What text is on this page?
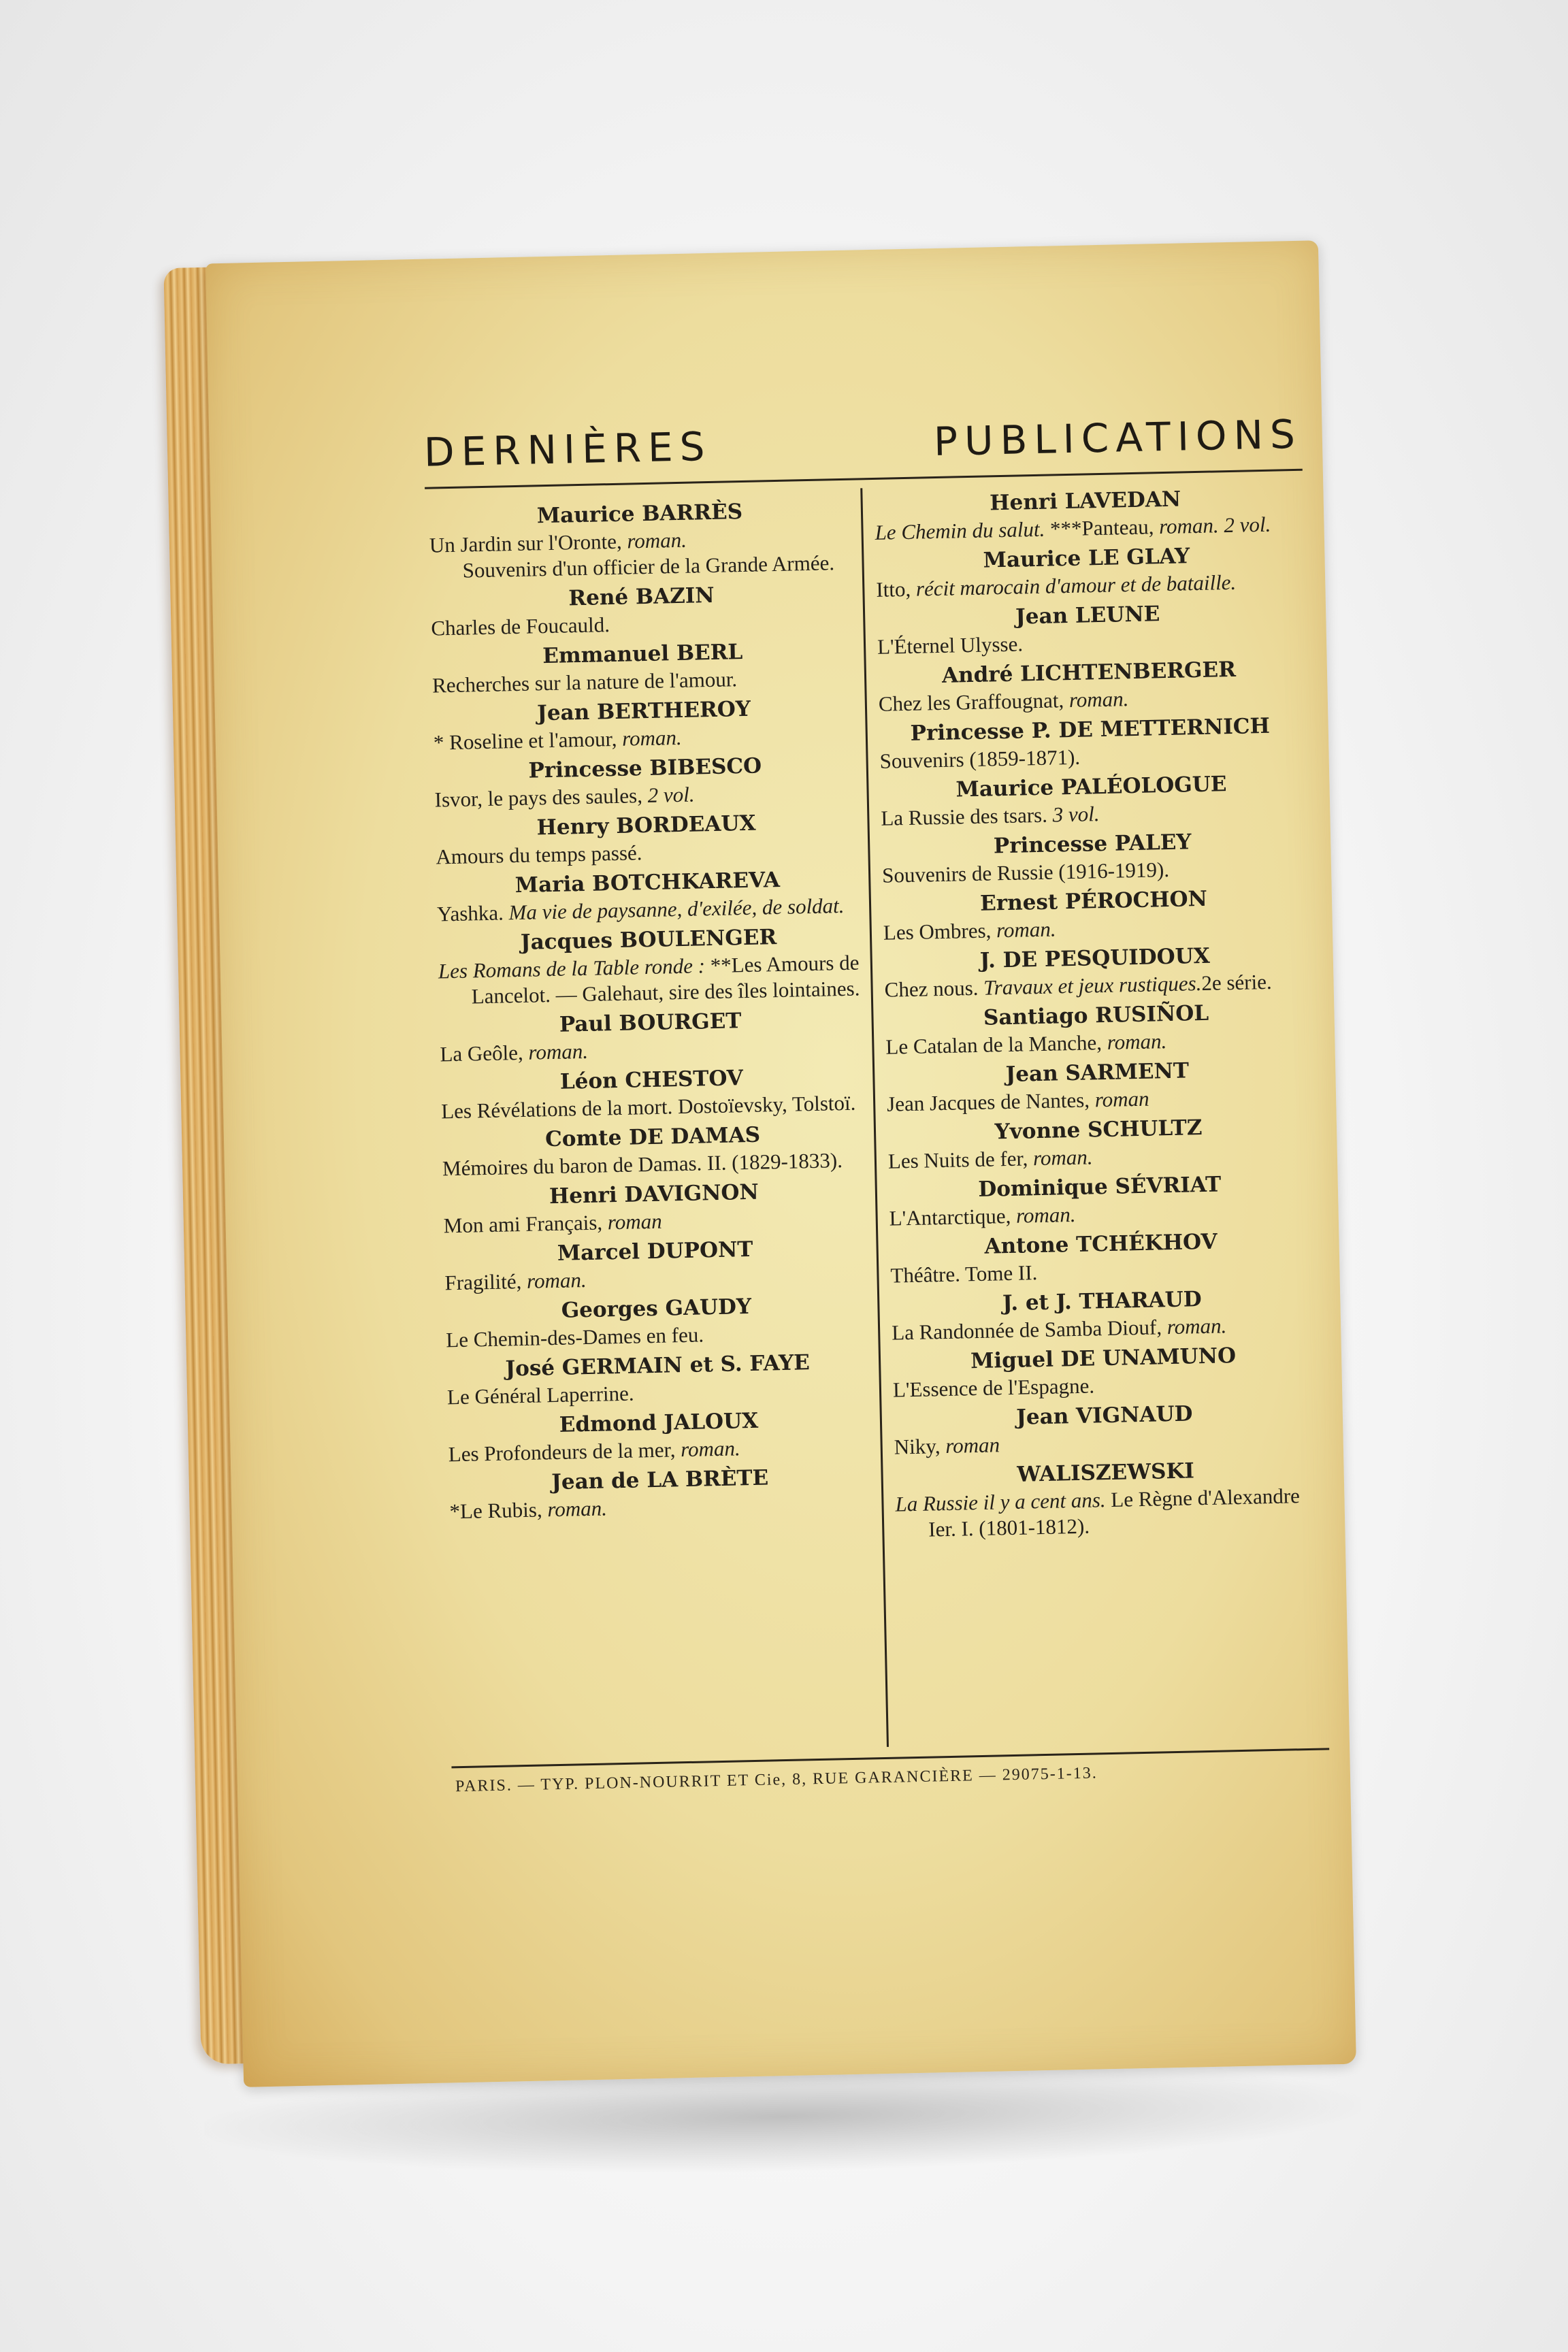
DERNIÈRES	PUBLICATIONS
Maurice BARRÈS
Un Jardin sur l'Oronte, roman.
Souvenirs d'un officier de la Grande Armée.
René BAZIN
Charles de Foucauld.
Emmanuel BERL
Recherches sur la nature de l'amour.
Jean BERTHEROY
* Roseline et l'amour, roman.
Princesse BIBESCO
Isvor, le pays des saules, 2 vol.
Henry BORDEAUX
Amours du temps passé.
Maria BOTCHKAREVA
Yashka. Ma vie de paysanne, d'exilée, de soldat.
Jacques BOULENGER
Les Romans de la Table ronde : **Les Amours de Lancelot. — Galehaut, sire des îles lointaines.
Paul BOURGET
La Geôle, roman.
Léon CHESTOV
Les Révélations de la mort. Dostoïevsky, Tolstoï.
Comte DE DAMAS
Mémoires du baron de Damas. II. (1829-1833).
Henri DAVIGNON
Mon ami Français, roman
Marcel DUPONT
Fragilité, roman.
Georges GAUDY
Le Chemin-des-Dames en feu.
José GERMAIN et S. FAYE
Le Général Laperrine.
Edmond JALOUX
Les Profondeurs de la mer, roman.
Jean de LA BRÈTE
*Le Rubis, roman.
Henri LAVEDAN
Le Chemin du salut. ***Panteau, roman. 2 vol.
Maurice LE GLAY
Itto, récit marocain d'amour et de bataille.
Jean LEUNE
L'Éternel Ulysse.
André LICHTENBERGER
Chez les Graffougnat, roman.
Princesse P. DE METTERNICH
Souvenirs (1859-1871).
Maurice PALÉOLOGUE
La Russie des tsars. 3 vol.
Princesse PALEY
Souvenirs de Russie (1916-1919).
Ernest PÉROCHON
Les Ombres, roman.
J. DE PESQUIDOUX
Chez nous. Travaux et jeux rustiques.2e série.
Santiago RUSIÑOL
Le Catalan de la Manche, roman.
Jean SARMENT
Jean Jacques de Nantes, roman
Yvonne SCHULTZ
Les Nuits de fer, roman.
Dominique SÉVRIAT
L'Antarctique, roman.
Antone TCHÉKHOV
Théâtre. Tome II.
J. et J. THARAUD
La Randonnée de Samba Diouf, roman.
Miguel DE UNAMUNO
L'Essence de l'Espagne.
Jean VIGNAUD
Niky, roman
WALISZEWSKI
La Russie il y a cent ans. Le Règne d'Alexandre Ier. I. (1801-1812).
PARIS. — TYP. PLON-NOURRIT ET Cie, 8, RUE GARANCIÈRE — 29075-1-13.
